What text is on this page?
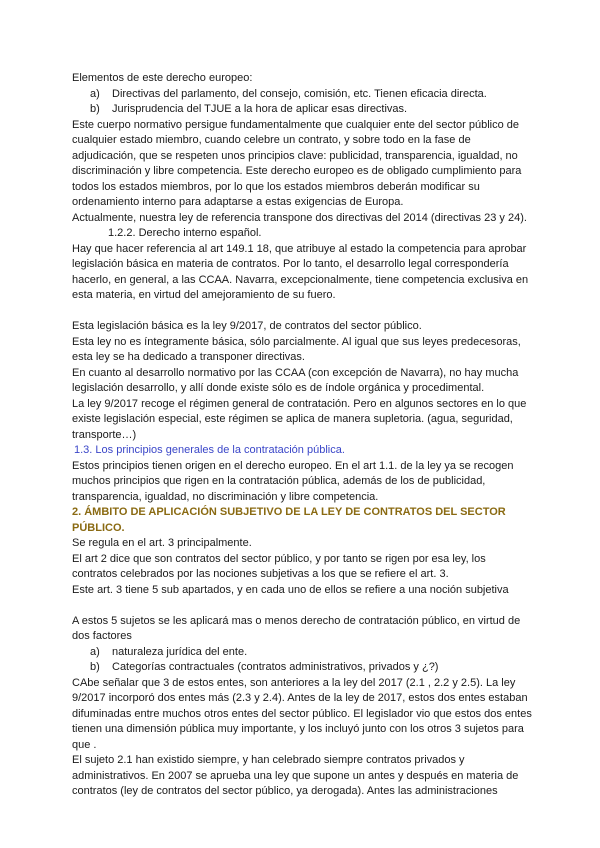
Elementos de este derecho europeo:

a) Directivas del parlamento, del consejo, comisión, etc. Tienen eficacia directa.
b) Jurisprudencia del TJUE a la hora de aplicar esas directivas.

Este cuerpo normativo persigue fundamentalmente que cualquier ente del sector público de cualquier estado miembro, cuando celebre un contrato, y sobre todo en la fase de adjudicación, que se respeten unos principios clave: publicidad, transparencia, igualdad, no discriminación y libre competencia. Este derecho europeo es de obligado cumplimiento para todos los estados miembros, por lo que los estados miembros deberán modificar su ordenamiento interno para adaptarse a estas exigencias de Europa.

Actualmente, nuestra ley de referencia transpone dos directivas del 2014 (directivas 23 y 24).

1.2.2. Derecho interno español.

Hay que hacer referencia al art 149.1 18, que atribuye al estado la competencia para aprobar legislación básica en materia de contratos. Por lo tanto, el desarrollo legal correspondería hacerlo, en general, a las CCAA. Navarra, excepcionalmente, tiene competencia exclusiva en esta materia, en virtud del amejoramiento de su fuero.

Esta legislación básica es la ley 9/2017, de contratos del sector público.

Esta ley no es íntegramente básica, sólo parcialmente. Al igual que sus leyes predecesoras, esta ley se ha dedicado a transponer directivas.

En cuanto al desarrollo normativo por las CCAA (con excepción de Navarra), no hay mucha legislación desarrollo, y allí donde existe sólo es de índole orgánica y procedimental.

La ley 9/2017 recoge el régimen general de contratación. Pero en algunos sectores en lo que existe legislación especial, este régimen se aplica de manera supletoria. (agua, seguridad, transporte…)

1.3. Los principios generales de la contratación pública.

Estos principios tienen origen en el derecho europeo. En el art 1.1. de la ley ya se recogen muchos principios que rigen en la contratación pública, además de los de publicidad, transparencia, igualdad, no discriminación y libre competencia.

2. ÁMBITO DE APLICACIÓN SUBJETIVO DE LA LEY DE CONTRATOS DEL SECTOR PÚBLICO.

Se regula en el art. 3 principalmente.

El art 2 dice que son contratos del sector público, y por tanto se rigen por esa ley, los contratos celebrados por las nociones subjetivas a los que se refiere el art. 3.

Este art. 3 tiene 5 sub apartados, y en cada uno de ellos se refiere a una noción subjetiva

A estos 5 sujetos se les aplicará mas o menos derecho de contratación público, en virtud de dos factores

a) naturaleza jurídica del ente.
b) Categorías contractuales (contratos administrativos, privados y ¿?)

CAbe señalar que 3 de estos entes, son anteriores a la ley del 2017 (2.1 , 2.2 y 2.5). La ley 9/2017 incorporó dos entes más (2.3 y 2.4). Antes de la ley de 2017, estos dos entes estaban difuminadas entre muchos otros entes del sector público. El legislador vio que estos dos entes tienen una dimensión pública muy importante, y los incluyó junto con los otros 3 sujetos para que .

El sujeto 2.1 han existido siempre, y han celebrado siempre contratos privados y administrativos. En 2007 se aprueba una ley que supone un antes y después en materia de contratos (ley de contratos del sector público, ya derogada). Antes las administraciones
